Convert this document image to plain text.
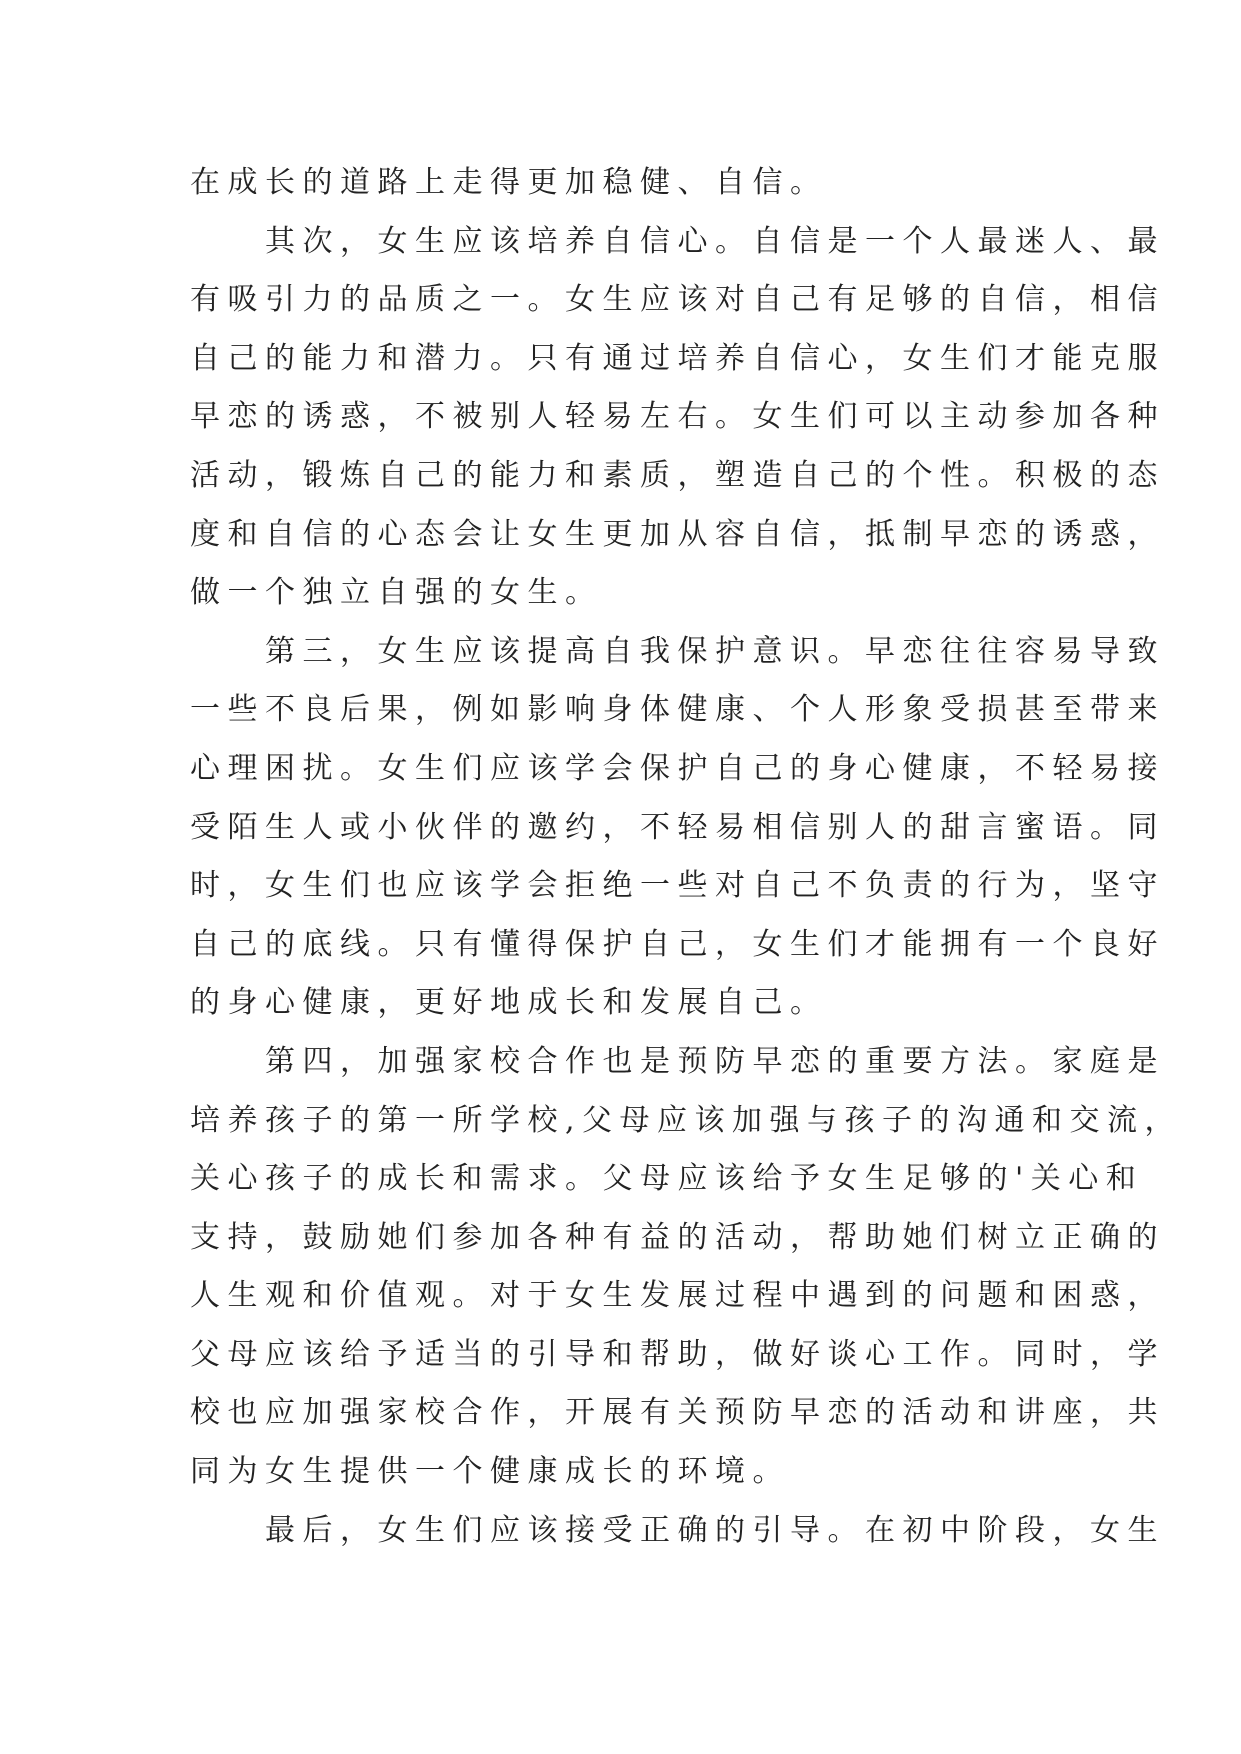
在成长的道路上走得更加稳健、自信。
　　其次，女生应该培养自信心。自信是一个人最迷人、最
有吸引力的品质之一。女生应该对自己有足够的自信，相信
自己的能力和潜力。只有通过培养自信心，女生们才能克服
早恋的诱惑，不被别人轻易左右。女生们可以主动参加各种
活动，锻炼自己的能力和素质，塑造自己的个性。积极的态
度和自信的心态会让女生更加从容自信，抵制早恋的诱惑，
做一个独立自强的女生。
　　第三，女生应该提高自我保护意识。早恋往往容易导致
一些不良后果，例如影响身体健康、个人形象受损甚至带来
心理困扰。女生们应该学会保护自己的身心健康，不轻易接
受陌生人或小伙伴的邀约，不轻易相信别人的甜言蜜语。同
时，女生们也应该学会拒绝一些对自己不负责的行为，坚守
自己的底线。只有懂得保护自己，女生们才能拥有一个良好
的身心健康，更好地成长和发展自己。
　　第四，加强家校合作也是预防早恋的重要方法。家庭是
培养孩子的第一所学校,父母应该加强与孩子的沟通和交流，
关心孩子的成长和需求。父母应该给予女生足够的'关心和
支持，鼓励她们参加各种有益的活动，帮助她们树立正确的
人生观和价值观。对于女生发展过程中遇到的问题和困惑，
父母应该给予适当的引导和帮助，做好谈心工作。同时，学
校也应加强家校合作，开展有关预防早恋的活动和讲座，共
同为女生提供一个健康成长的环境。
　　最后，女生们应该接受正确的引导。在初中阶段，女生
